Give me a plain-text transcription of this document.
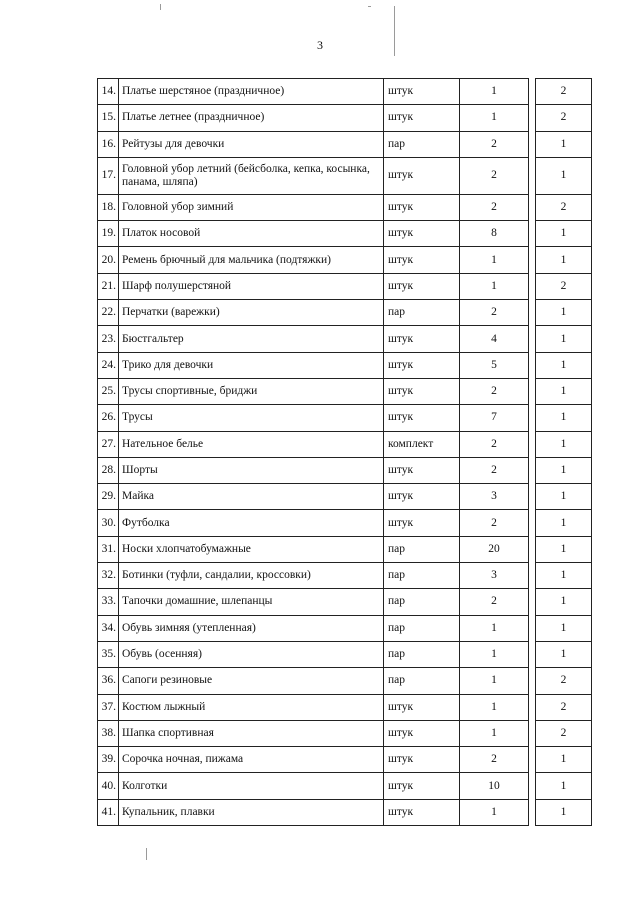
3
14.	Платье шерстяное (праздничное)	штук	1		2
15.	Платье летнее (праздничное)	штук	1		2
16.	Рейтузы для девочки	пар	2		1
17.	Головной убор летний (бейсболка, кепка, косынка, панама, шляпа)	штук	2		1
18.	Головной убор зимний	штук	2		2
19.	Платок носовой	штук	8		1
20.	Ремень брючный для мальчика (подтяжки)	штук	1		1
21.	Шарф полушерстяной	штук	1		2
22.	Перчатки (варежки)	пар	2		1
23.	Бюстгальтер	штук	4		1
24.	Трико для девочки	штук	5		1
25.	Трусы спортивные, бриджи	штук	2		1
26.	Трусы	штук	7		1
27.	Нательное белье	комплект	2		1
28.	Шорты	штук	2		1
29.	Майка	штук	3		1
30.	Футболка	штук	2		1
31.	Носки хлопчатобумажные	пар	20		1
32.	Ботинки (туфли, сандалии, кроссовки)	пар	3		1
33.	Тапочки домашние, шлепанцы	пар	2		1
34.	Обувь зимняя (утепленная)	пар	1		1
35.	Обувь (осенняя)	пар	1		1
36.	Сапоги резиновые	пар	1		2
37.	Костюм лыжный	штук	1		2
38.	Шапка спортивная	штук	1		2
39.	Сорочка ночная, пижама	штук	2		1
40.	Колготки	штук	10		1
41.	Купальник, плавки	штук	1		1
